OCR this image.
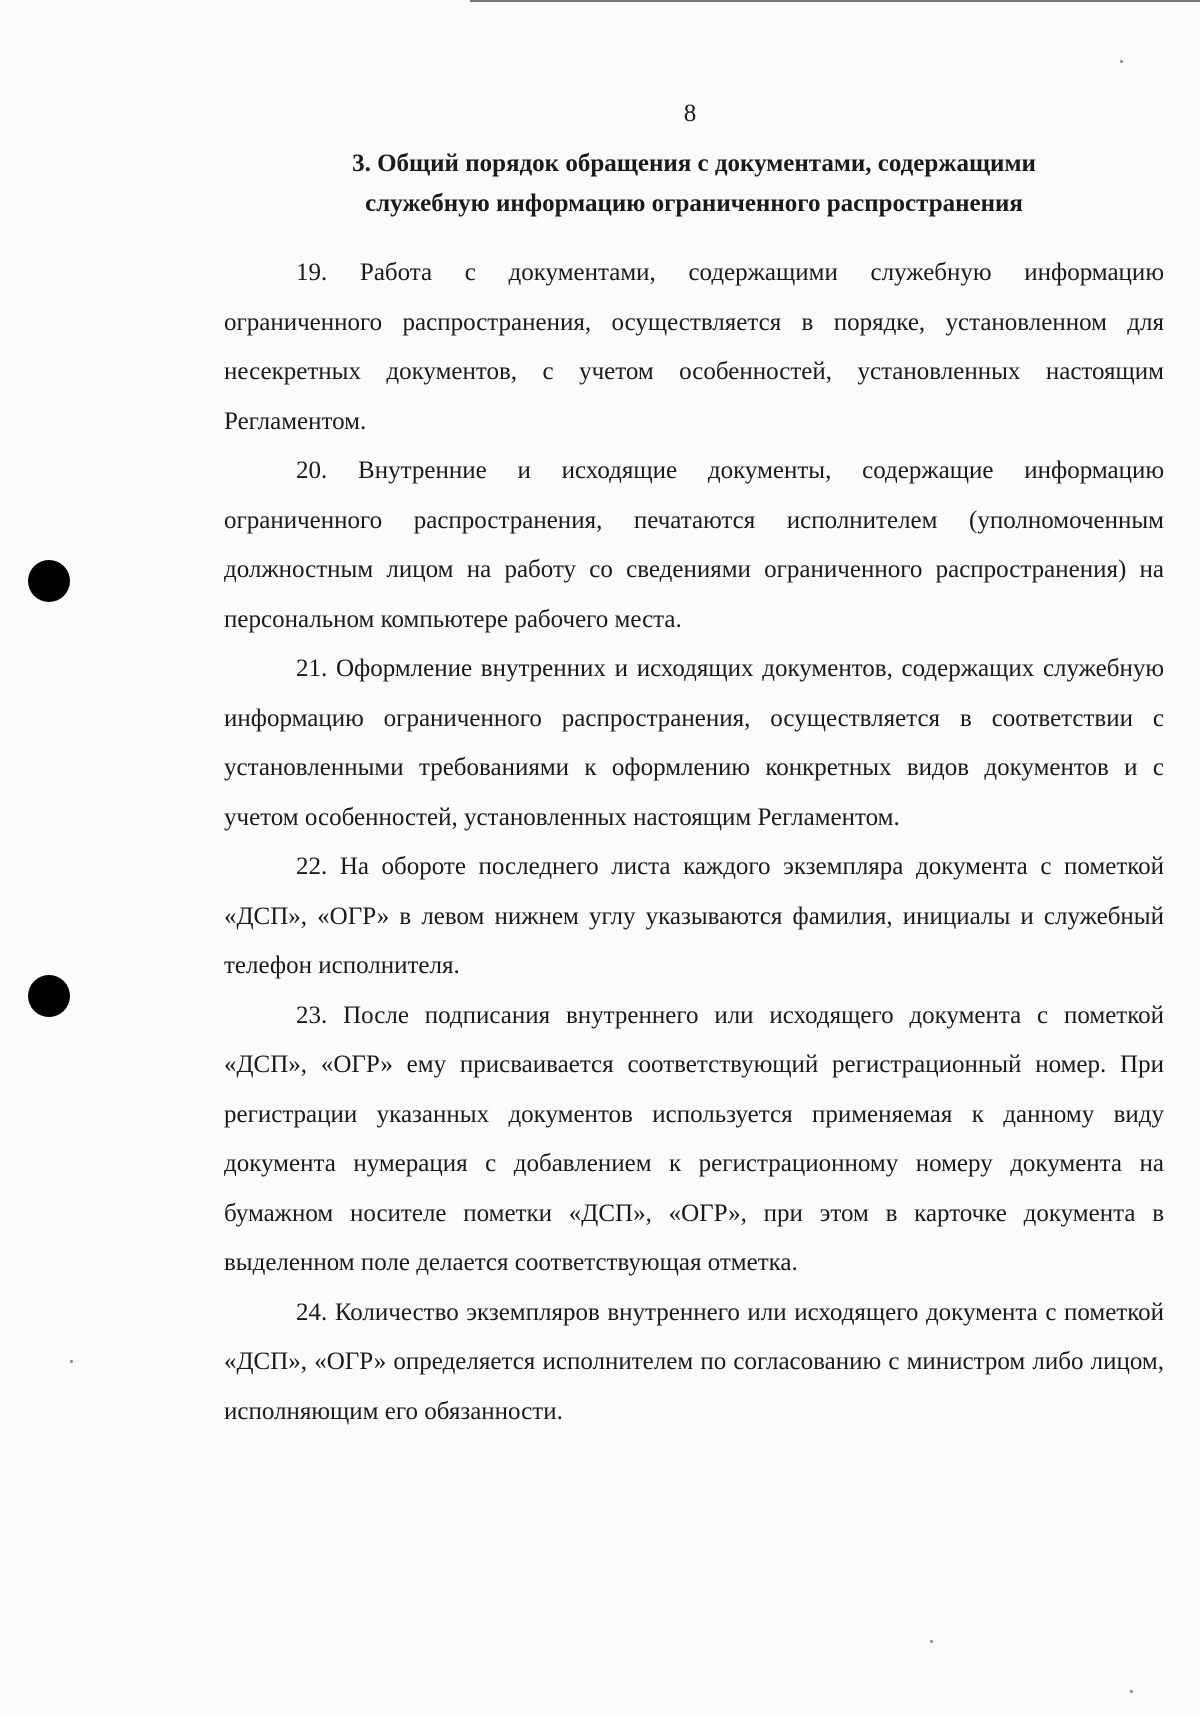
8
3. Общий порядок обращения с документами, содержащими
служебную информацию ограниченного распространения

19. Работа с документами, содержащими служебную информацию ограниченного распространения, осуществляется в порядке, установленном для несекретных документов, с учетом особенностей, установленных настоящим Регламентом.

20. Внутренние и исходящие документы, содержащие информацию ограниченного распространения, печатаются исполнителем (уполномоченным должностным лицом на работу со сведениями ограниченного распространения) на персональном компьютере рабочего места.

21. Оформление внутренних и исходящих документов, содержащих служебную информацию ограниченного распространения, осуществляется в соответствии с установленными требованиями к оформлению конкретных видов документов и с учетом особенностей, установленных настоящим Регламентом.

22. На обороте последнего листа каждого экземпляра документа с пометкой «ДСП», «ОГР» в левом нижнем углу указываются фамилия, инициалы и служебный телефон исполнителя.

23. После подписания внутреннего или исходящего документа с пометкой «ДСП», «ОГР» ему присваивается соответствующий регистрационный номер. При регистрации указанных документов используется применяемая к данному виду документа нумерация с добавлением к регистрационному номеру документа на бумажном носителе пометки «ДСП», «ОГР», при этом в карточке документа в выделенном поле делается соответствующая отметка.

24. Количество экземпляров внутреннего или исходящего документа с пометкой «ДСП», «ОГР» определяется исполнителем по согласованию с министром либо лицом, исполняющим его обязанности.
